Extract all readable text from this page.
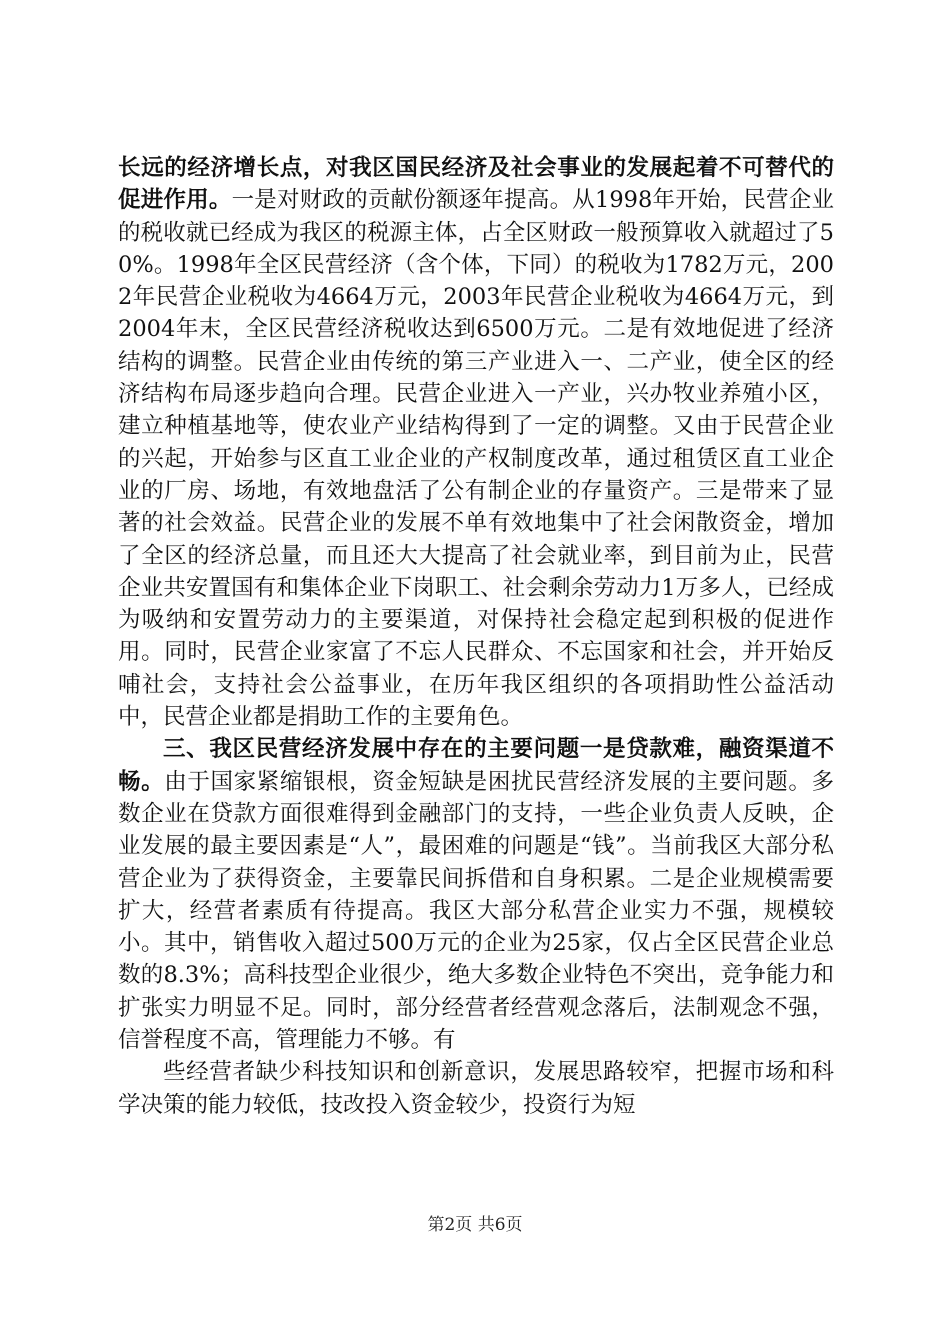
长远的经济增长点，对我区国民经济及社会事业的发展起着不可替代的促进作用。一是对财政的贡献份额逐年提高。从1998年开始，民营企业的税收就已经成为我区的税源主体，占全区财政一般预算收入就超过了50%。1998年全区民营经济（含个体，下同）的税收为1782万元，2002年民营企业税收为4664万元，2003年民营企业税收为4664万元，到2004年末，全区民营经济税收达到6500万元。二是有效地促进了经济结构的调整。民营企业由传统的第三产业进入一、二产业，使全区的经济结构布局逐步趋向合理。民营企业进入一产业，兴办牧业养殖小区，建立种植基地等，使农业产业结构得到了一定的调整。又由于民营企业的兴起，开始参与区直工业企业的产权制度改革，通过租赁区直工业企业的厂房、场地，有效地盘活了公有制企业的存量资产。三是带来了显著的社会效益。民营企业的发展不单有效地集中了社会闲散资金，增加了全区的经济总量，而且还大大提高了社会就业率，到目前为止，民营企业共安置国有和集体企业下岗职工、社会剩余劳动力1万多人，已经成为吸纳和安置劳动力的主要渠道，对保持社会稳定起到积极的促进作用。同时，民营企业家富了不忘人民群众、不忘国家和社会，并开始反哺社会，支持社会公益事业，在历年我区组织的各项捐助性公益活动中，民营企业都是捐助工作的主要角色。

三、我区民营经济发展中存在的主要问题一是贷款难，融资渠道不畅。由于国家紧缩银根，资金短缺是困扰民营经济发展的主要问题。多数企业在贷款方面很难得到金融部门的支持，一些企业负责人反映，企业发展的最主要因素是“人”，最困难的问题是“钱”。当前我区大部分私营企业为了获得资金，主要靠民间拆借和自身积累。二是企业规模需要扩大，经营者素质有待提高。我区大部分私营企业实力不强，规模较小。其中，销售收入超过500万元的企业为25家，仅占全区民营企业总数的8.3%；高科技型企业很少，绝大多数企业特色不突出，竞争能力和扩张实力明显不足。同时，部分经营者经营观念落后，法制观念不强，信誉程度不高，管理能力不够。有

些经营者缺少科技知识和创新意识，发展思路较窄，把握市场和科学决策的能力较低，技改投入资金较少，投资行为短

第2页 共6页
